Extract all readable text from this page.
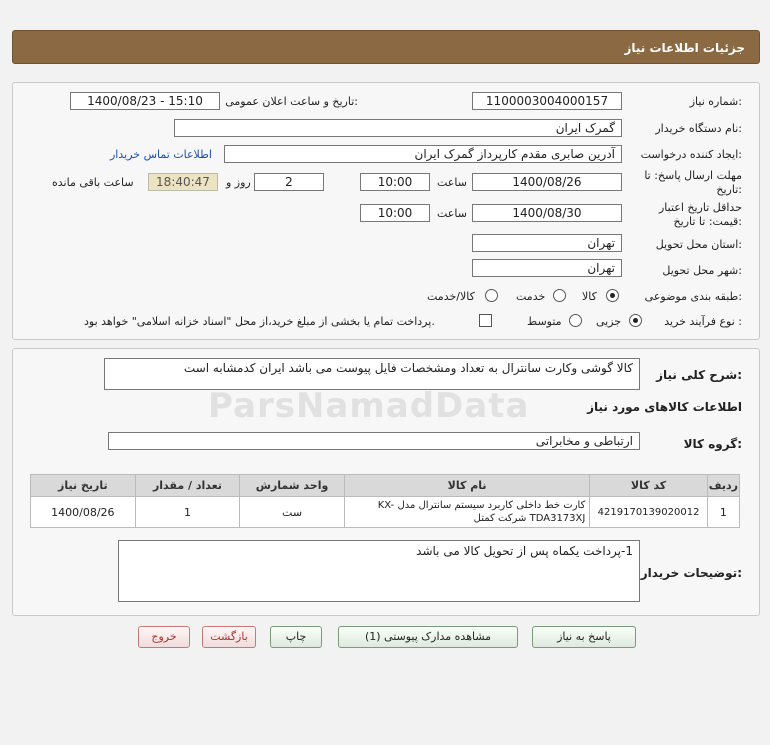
جزئیات اطلاعات نیاز
شماره نیاز:
1100003004000157
تاریخ و ساعت اعلان عمومی:
1400/08/23 - 15:10
نام دستگاه خریدار:
گمرک ایران
ایجاد کننده درخواست:
آدرین صابری مقدم کارپرداز گمرک ایران
اطلاعات تماس خریدار
مهلت ارسال پاسخ: تا
تاریخ:
1400/08/26
ساعت
10:00
2
روز و
18:40:47
ساعت باقی مانده
حداقل تاریخ اعتبار
قیمت: تا تاریخ:
1400/08/30
ساعت
10:00
استان محل تحویل:
تهران
شهر محل تحویل:
تهران
طبقه بندی موضوعی:
کالا
خدمت
کالا/خدمت
نوع فرآیند خرید :
جزیی
متوسط
پرداخت تمام یا بخشی از مبلغ خرید،از محل "اسناد خزانه اسلامی" خواهد بود.
شرح کلی نیاز:
کالا گوشی وکارت سانترال به تعداد ومشخصات فایل پیوست می باشد ایران کدمشابه است
اطلاعات کالاهای مورد نیاز
گروه کالا:
ارتباطی و مخابراتی
ردیف	کد کالا	نام کالا	واحد شمارش	تعداد / مقدار	تاریخ نیاز
1	4219170139020012	کارت خط داخلی کاربرد سیستم سانترال مدل KX-TDA3173XJ شرکت کمتل	ست	1	1400/08/26
توضیحات خریدار:
1-پرداخت یکماه پس از تحویل کالا می باشد
ParsNamadData
پاسخ به نیاز
مشاهده مدارک پیوستی (1)
چاپ
بازگشت
خروج
